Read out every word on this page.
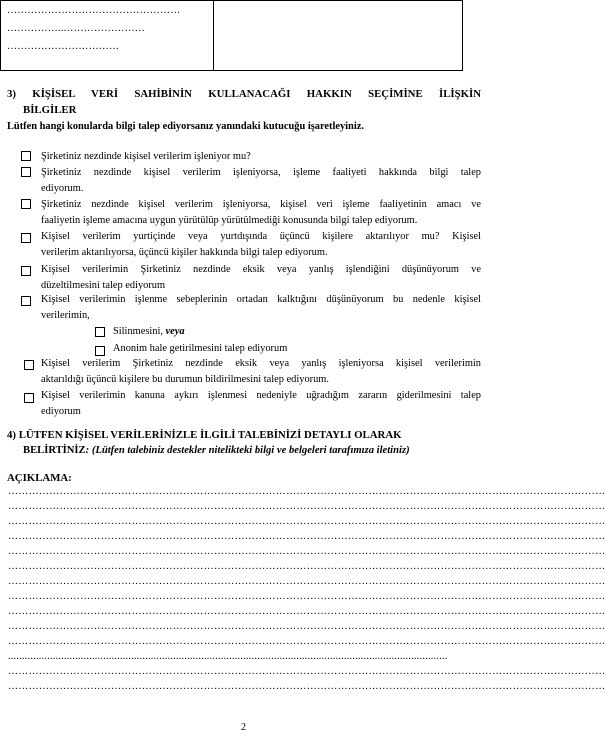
……………………………………………
……………..……………………
……………………………
3) KİŞİSEL VERİ SAHİBİNİN KULLANACAĞI HAKKIN SEÇİMİNE İLİŞKİN
BİLGİLER
Lütfen hangi konularda bilgi talep ediyorsanız yanındaki kutucuğu işaretleyiniz.
Şirketiniz nezdinde kişisel verilerim işleniyor mu?
Şirketiniz nezdinde kişisel verilerim işleniyorsa, işleme faaliyeti hakkında bilgi talep
ediyorum.
Şirketiniz nezdinde kişisel verilerim işleniyorsa, kişisel veri işleme faaliyetinin amacı ve
faaliyetin işleme amacına uygun yürütülüp yürütülmediği konusunda bilgi talep ediyorum.
Kişisel verilerim yurtiçinde veya yurtdışında üçüncü kişilere aktarılıyor mu? Kişisel
verilerim aktarılıyorsa, üçüncü kişiler hakkında bilgi talep ediyorum.
Kişisel verilerimin Şirketiniz nezdinde eksik veya yanlış işlendiğini düşünüyorum ve
düzeltilmesini talep ediyorum
Kişisel verilerimin işlenme sebeplerinin ortadan kalktığını düşünüyorum bu nedenle kişisel
verilerimin,
Silinmesini, veya
Anonim hale getirilmesini talep ediyorum
Kişisel verilerim Şirketiniz nezdinde eksik veya yanlış işleniyorsa kişisel verilerimin
aktarıldığı üçüncü kişilere bu durumun bildirilmesini talep ediyorum.
Kişisel verilerimin kanuna aykırı işlenmesi nedeniyle uğradığım zararın giderilmesini talep
ediyorum
4) LÜTFEN KİŞİSEL VERİLERİNİZLE İLGİLİ TALEBİNİZİ DETAYLI OLARAK
BELİRTİNİZ: (Lütfen talebiniz destekler nitelikteki bilgi ve belgeleri tarafımıza iletiniz)
AÇIKLAMA:
…………………………………………………………………………………………………………………………………………………………
…………………………………………………………………………………………………………………………………………………………
…………………………………………………………………………………………………………………………………………………………
…………………………………………………………………………………………………………………………………………………………
…………………………………………………………………………………………………………………………………………………………
…………………………………………………………………………………………………………………………………………………………
…………………………………………………………………………………………………………………………………………………………
…………………………………………………………………………………………………………………………………………………………
…………………………………………………………………………………………………………………………………………………………
…………………………………………………………………………………………………………………………………………………………
…………………………………………………………………………………………………………………………………………………………
.............................................................................................................................................................
…………………………………………………………………………………………………………………………………………………………
…………………………………………………………………………………………………………………………………………………………
2
